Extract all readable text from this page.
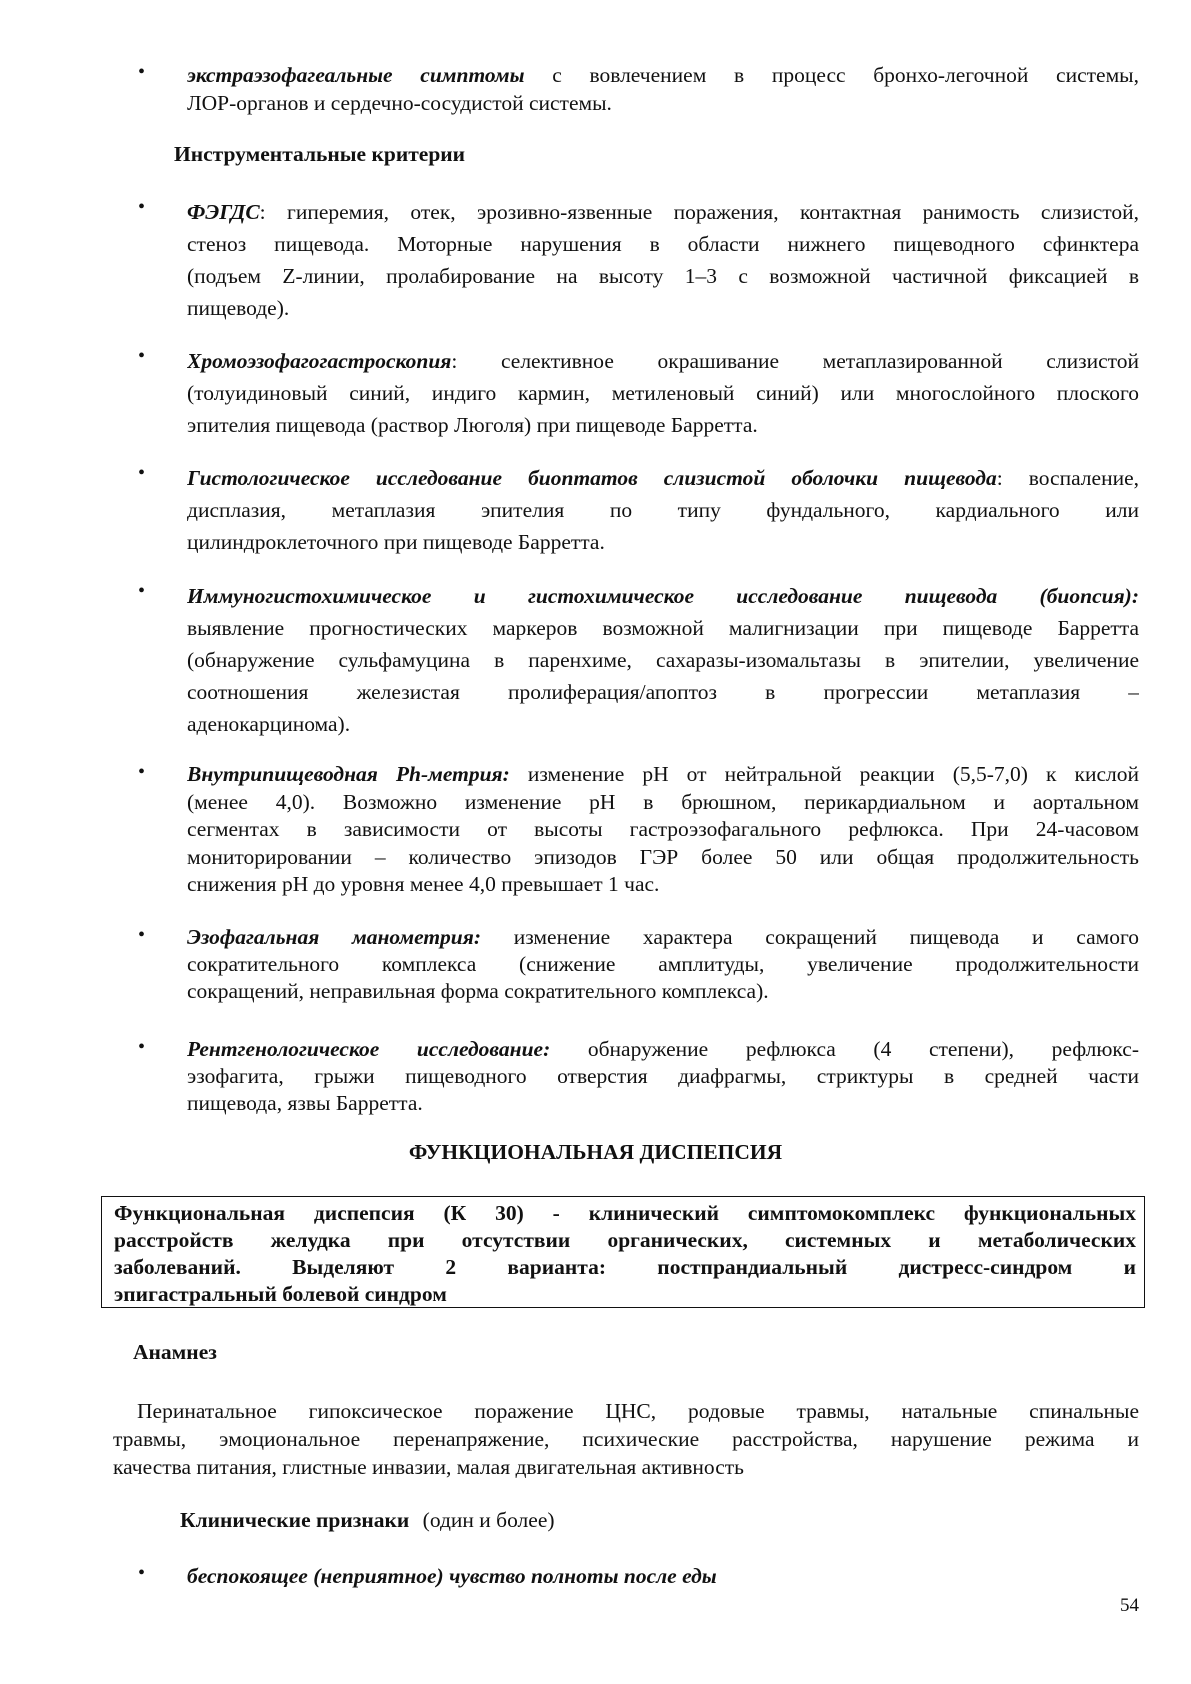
• экстраэзофагеальные симптомы с вовлечением в процесс бронхо-легочной системы,
ЛОР-органов и сердечно-сосудистой системы.
Инструментальные критерии
• ФЭГДС: гиперемия, отек, эрозивно-язвенные поражения, контактная ранимость слизистой,
стеноз пищевода. Моторные нарушения в области нижнего пищеводного сфинктера
(подъем Z-линии, пролабирование на высоту 1–3 с возможной частичной фиксацией в
пищеводе).
• Хромоэзофагогастроскопия: селективное окрашивание метаплазированной слизистой
(толуидиновый синий, индиго кармин, метиленовый синий) или многослойного плоского
эпителия пищевода (раствор Люголя) при пищеводе Барретта.
• Гистологическое исследование биоптатов слизистой оболочки пищевода: воспаление,
дисплазия, метаплазия эпителия по типу фундального, кардиального или
цилиндроклеточного при пищеводе Барретта.
• Иммуногистохимическое и гистохимическое исследование пищевода (биопсия):
выявление прогностических маркеров возможной малигнизации при пищеводе Барретта
(обнаружение сульфамуцина в паренхиме, сахаразы-изомальтазы в эпителии, увеличение
соотношения железистая пролиферация/апоптоз в прогрессии метаплазия –
аденокарцинома).
• Внутрипищеводная Ph-метрия: изменение pH от нейтральной реакции (5,5-7,0) к кислой
(менее 4,0). Возможно изменение pH в брюшном, перикардиальном и аортальном
сегментах в зависимости от высоты гастроэзофагального рефлюкса. При 24-часовом
мониторировании – количество эпизодов ГЭР более 50 или общая продолжительность
снижения pH до уровня менее 4,0 превышает 1 час.
• Эзофагальная манометрия: изменение характера сокращений пищевода и самого
сократительного комплекса (снижение амплитуды, увеличение продолжительности
сокращений, неправильная форма сократительного комплекса).
• Рентгенологическое исследование: обнаружение рефлюкса (4 степени), рефлюкс-
эзофагита, грыжи пищеводного отверстия диафрагмы, стриктуры в средней части
пищевода, язвы Барретта.
ФУНКЦИОНАЛЬНАЯ ДИСПЕПСИЯ
Функциональная диспепсия (К 30) - клинический симптомокомплекс функциональных
расстройств желудка при отсутствии органических, системных и метаболических
заболеваний. Выделяют 2 варианта: постпрандиальный дистресс-синдром и
эпигастральный болевой синдром
Анамнез
Перинатальное гипоксическое поражение ЦНС, родовые травмы, натальные спинальные
травмы, эмоциональное перенапряжение, психические расстройства, нарушение режима и
качества питания, глистные инвазии, малая двигательная активность
Клинические признаки (один и более)
• беспокоящее (неприятное) чувство полноты после еды
54
